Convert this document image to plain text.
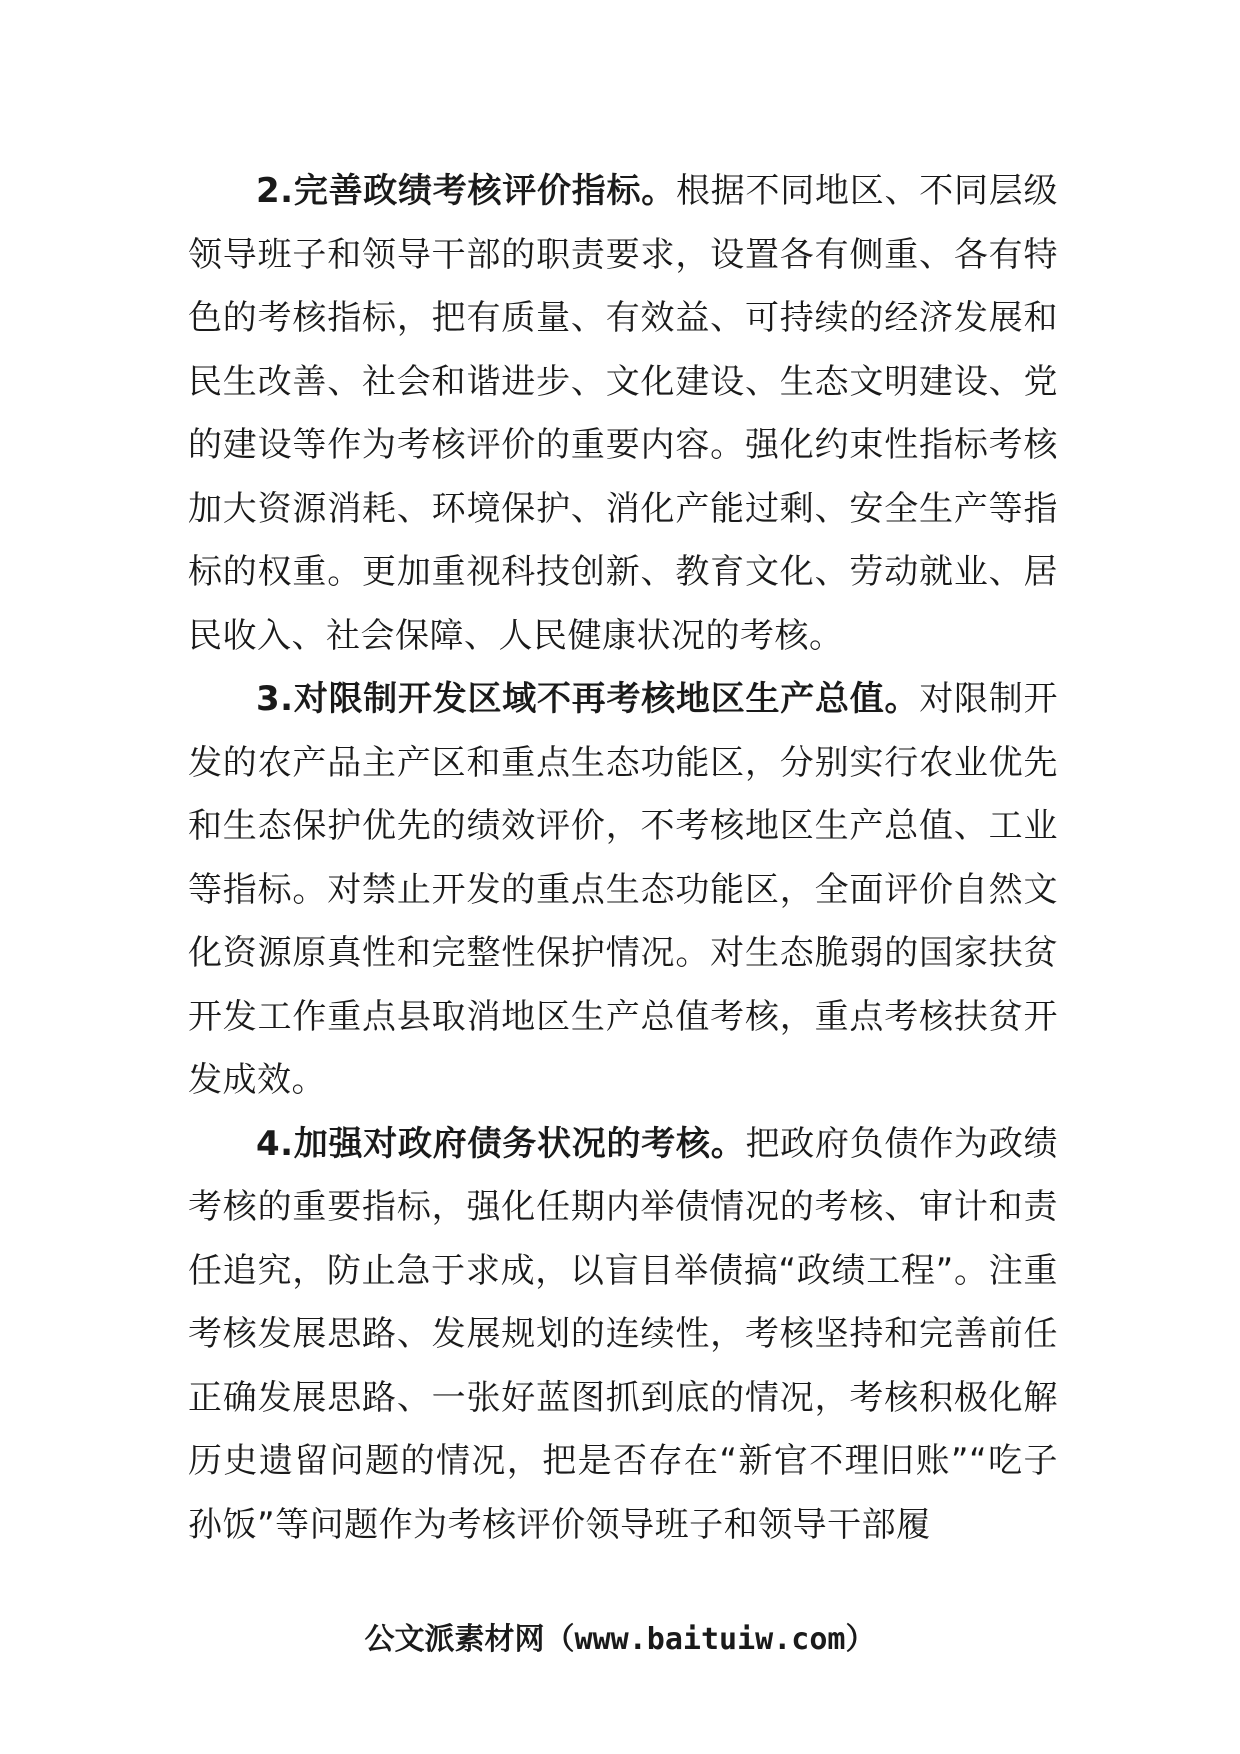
2.完善政绩考核评价指标。根据不同地区、不同层级领导班子和领导干部的职责要求，设置各有侧重、各有特色的考核指标，把有质量、有效益、可持续的经济发展和民生改善、社会和谐进步、文化建设、生态文明建设、党的建设等作为考核评价的重要内容。强化约束性指标考核加大资源消耗、环境保护、消化产能过剩、安全生产等指标的权重。更加重视科技创新、教育文化、劳动就业、居民收入、社会保障、人民健康状况的考核。

3.对限制开发区域不再考核地区生产总值。对限制开发的农产品主产区和重点生态功能区，分别实行农业优先和生态保护优先的绩效评价，不考核地区生产总值、工业等指标。对禁止开发的重点生态功能区，全面评价自然文化资源原真性和完整性保护情况。对生态脆弱的国家扶贫开发工作重点县取消地区生产总值考核，重点考核扶贫开发成效。

4.加强对政府债务状况的考核。把政府负债作为政绩考核的重要指标，强化任期内举债情况的考核、审计和责任追究，防止急于求成，以盲目举债搞“政绩工程”。注重考核发展思路、发展规划的连续性，考核坚持和完善前任正确发展思路、一张好蓝图抓到底的情况，考核积极化解历史遗留问题的情况，把是否存在“新官不理旧账”“吃子孙饭”等问题作为考核评价领导班子和领导干部履

公文派素材网（www.baituiw.com）
